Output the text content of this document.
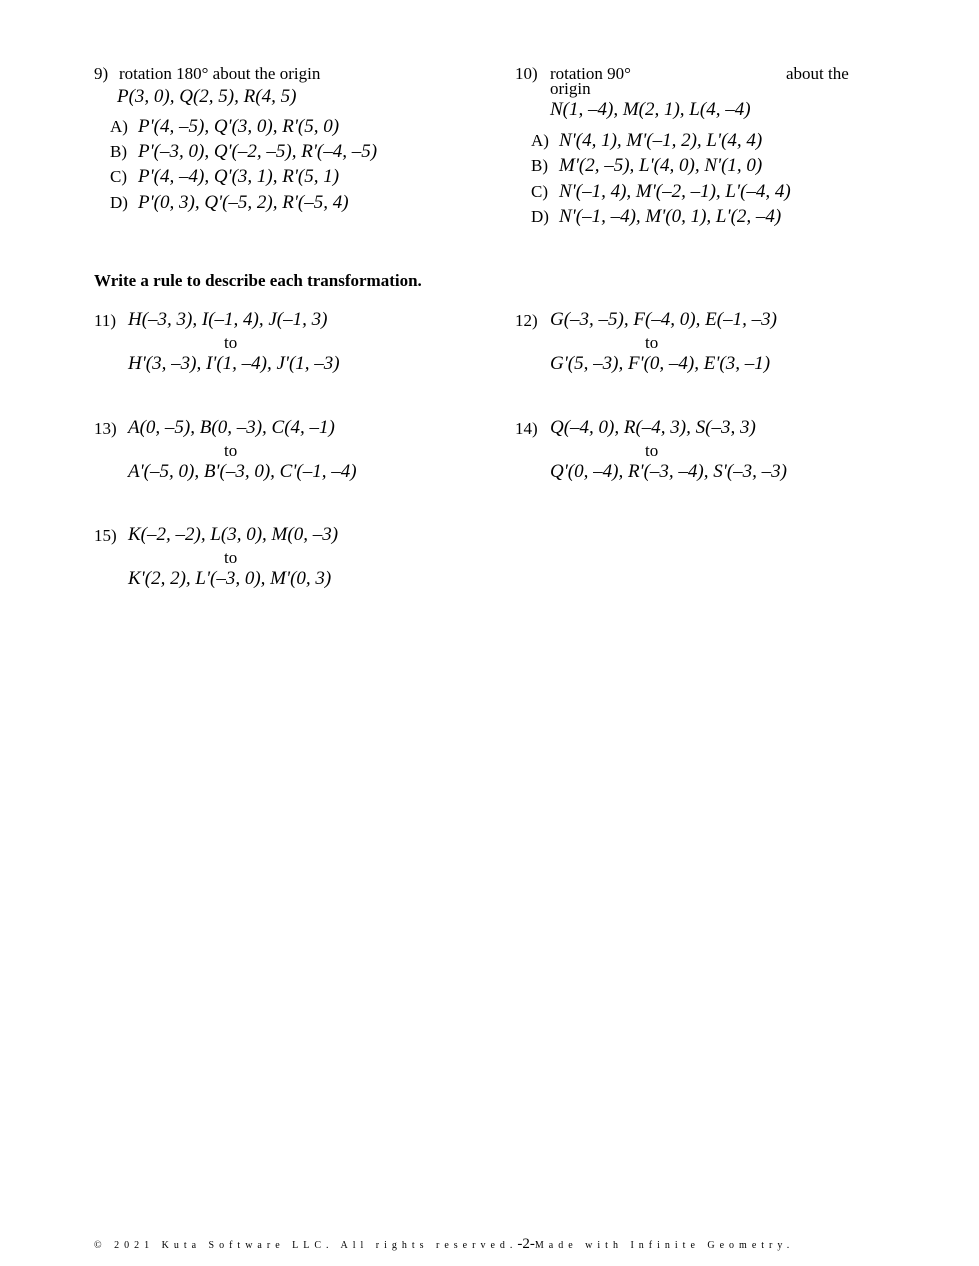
9) rotation 180° about the origin
P(3, 0), Q(2, 5), R(4, 5)
A) P'(4, –5), Q'(3, 0), R'(5, 0)
B) P'(–3, 0), Q'(–2, –5), R'(–4, –5)
C) P'(4, –4), Q'(3, 1), R'(5, 1)
D) P'(0, 3), Q'(–5, 2), R'(–5, 4)
10) rotation 90°	about the
origin
N(1, –4), M(2, 1), L(4, –4)
A) N'(4, 1), M'(–1, 2), L'(4, 4)
B) M'(2, –5), L'(4, 0), N'(1, 0)
C) N'(–1, 4), M'(–2, –1), L'(–4, 4)
D) N'(–1, –4), M'(0, 1), L'(2, –4)
Write a rule to describe each transformation.
11) H(–3, 3), I(–1, 4), J(–1, 3)
to
H'(3, –3), I'(1, –4), J'(1, –3)
12) G(–3, –5), F(–4, 0), E(–1, –3)
to
G'(5, –3), F'(0, –4), E'(3, –1)
13) A(0, –5), B(0, –3), C(4, –1)
to
A'(–5, 0), B'(–3, 0), C'(–1, –4)
14) Q(–4, 0), R(–4, 3), S(–3, 3)
to
Q'(0, –4), R'(–3, –4), S'(–3, –3)
15) K(–2, –2), L(3, 0), M(0, –3)
to
K'(2, 2), L'(–3, 0), M'(0, 3)
© 2021 Kuta Software LLC. All rights reserved.-2-Made with Infinite Geometry.
